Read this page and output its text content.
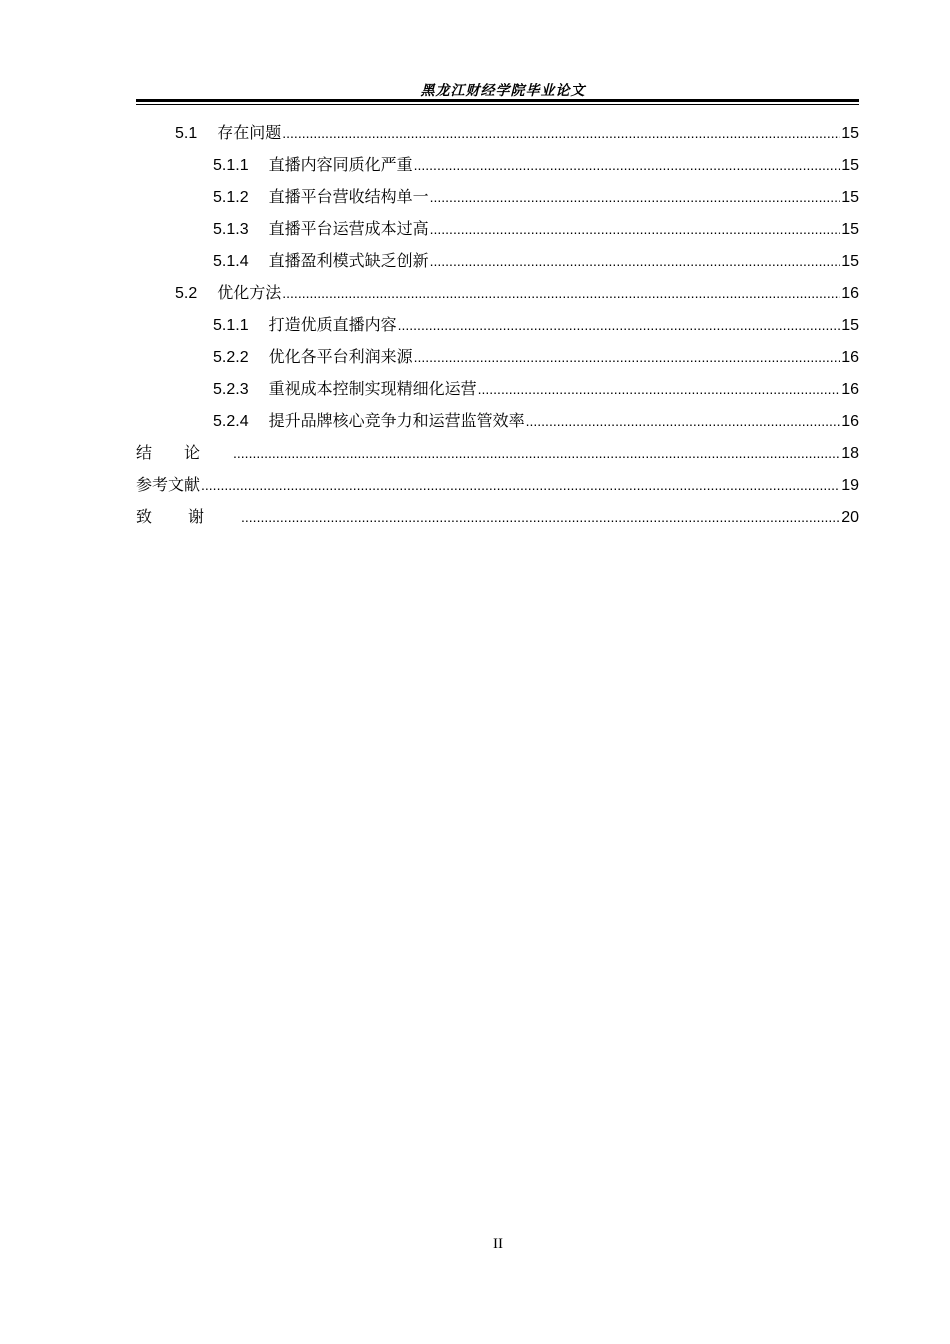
黑龙江财经学院毕业论文
5.1 存在问题 .....	15
5.1.1 直播内容同质化严重 .....	15
5.1.2 直播平台营收结构单一 .....	15
5.1.3 直播平台运营成本过高 .....	15
5.1.4 直播盈利模式缺乏创新 .....	15
5.2 优化方法 .....	16
5.1.1 打造优质直播内容 .....	15
5.2.2 优化各平台利润来源 .....	16
5.2.3 重视成本控制实现精细化运营 .....	16
5.2.4 提升品牌核心竞争力和运营监管效率 .....	16
结论 .....	18
参考文献 .....	19
致谢 .....	20
II
